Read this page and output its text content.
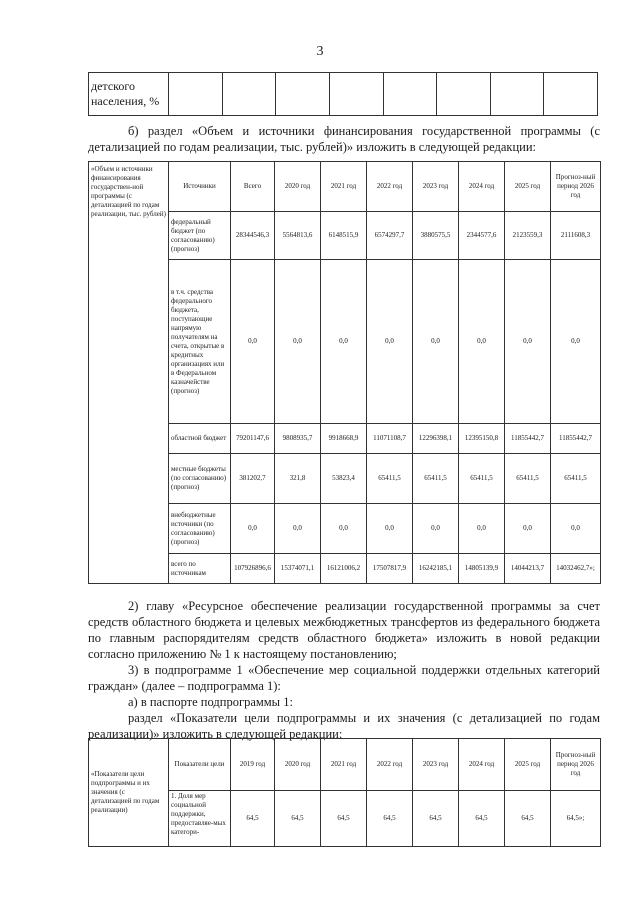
3
детского
населения, %								
б) раздел «Объем и источники финансирования государственной программы (с детализацией по годам реализации, тыс. рублей)» изложить в следующей редакции:
«Объем и источники финансирования государствен-ной программы (с детализацией по годам реализации, тыс. рублей)	Источники	Всего	2020 год	2021 год	2022 год	2023 год	2024 год	2025 год	Прогноз-ный период 2026 год
	федеральный бюджет (по согласованию) (прогноз)	28344546,3	5564813,6	6148515,9	6574297,7	3880575,5	2344577,6	2123559,3	2111608,3
	в т.ч. средства федерального бюджета, поступающие напрямую получателям на счета, открытые в кредитных организациях или в Федеральном казначействе (прогноз)	0,0	0,0	0,0	0,0	0,0	0,0	0,0	0,0
	областной бюджет	79201147,6	9808935,7	9918668,9	11071108,7	12296398,1	12395150,8	11855442,7	11855442,7
	местные бюджеты (по согласованию) (прогноз)	381202,7	321,8	53823,4	65411,5	65411,5	65411,5	65411,5	65411,5
	внебюджетные источники (по согласованию) (прогноз)	0,0	0,0	0,0	0,0	0,0	0,0	0,0	0,0
	всего по источникам	107926896,6	15374071,1	16121006,2	17507817,9	16242185,1	14805139,9	14044213,7	14032462,7»;
2) главу «Ресурсное обеспечение реализации государственной программы за счет средств областного бюджета и целевых межбюджетных трансфертов из федерального бюджета по главным распорядителям средств областного бюджета» изложить в новой редакции согласно приложению № 1 к настоящему постановлению;
3) в подпрограмме 1 «Обеспечение мер социальной поддержки отдельных категорий граждан» (далее – подпрограмма 1):
а) в паспорте подпрограммы 1:
раздел «Показатели цели подпрограммы и их значения (с детализацией по годам реализации)» изложить в следующей редакции:
«Показатели цели подпрограммы и их значения (с детализацией по годам реализации)	Показатели цели	2019 год	2020 год	2021 год	2022 год	2023 год	2024 год	2025 год	Прогноз-ный период 2026 год
	1. Доля мер социальной поддержки, предоставляе-мых категори-	64,5	64,5	64,5	64,5	64,5	64,5	64,5	64,5»;
